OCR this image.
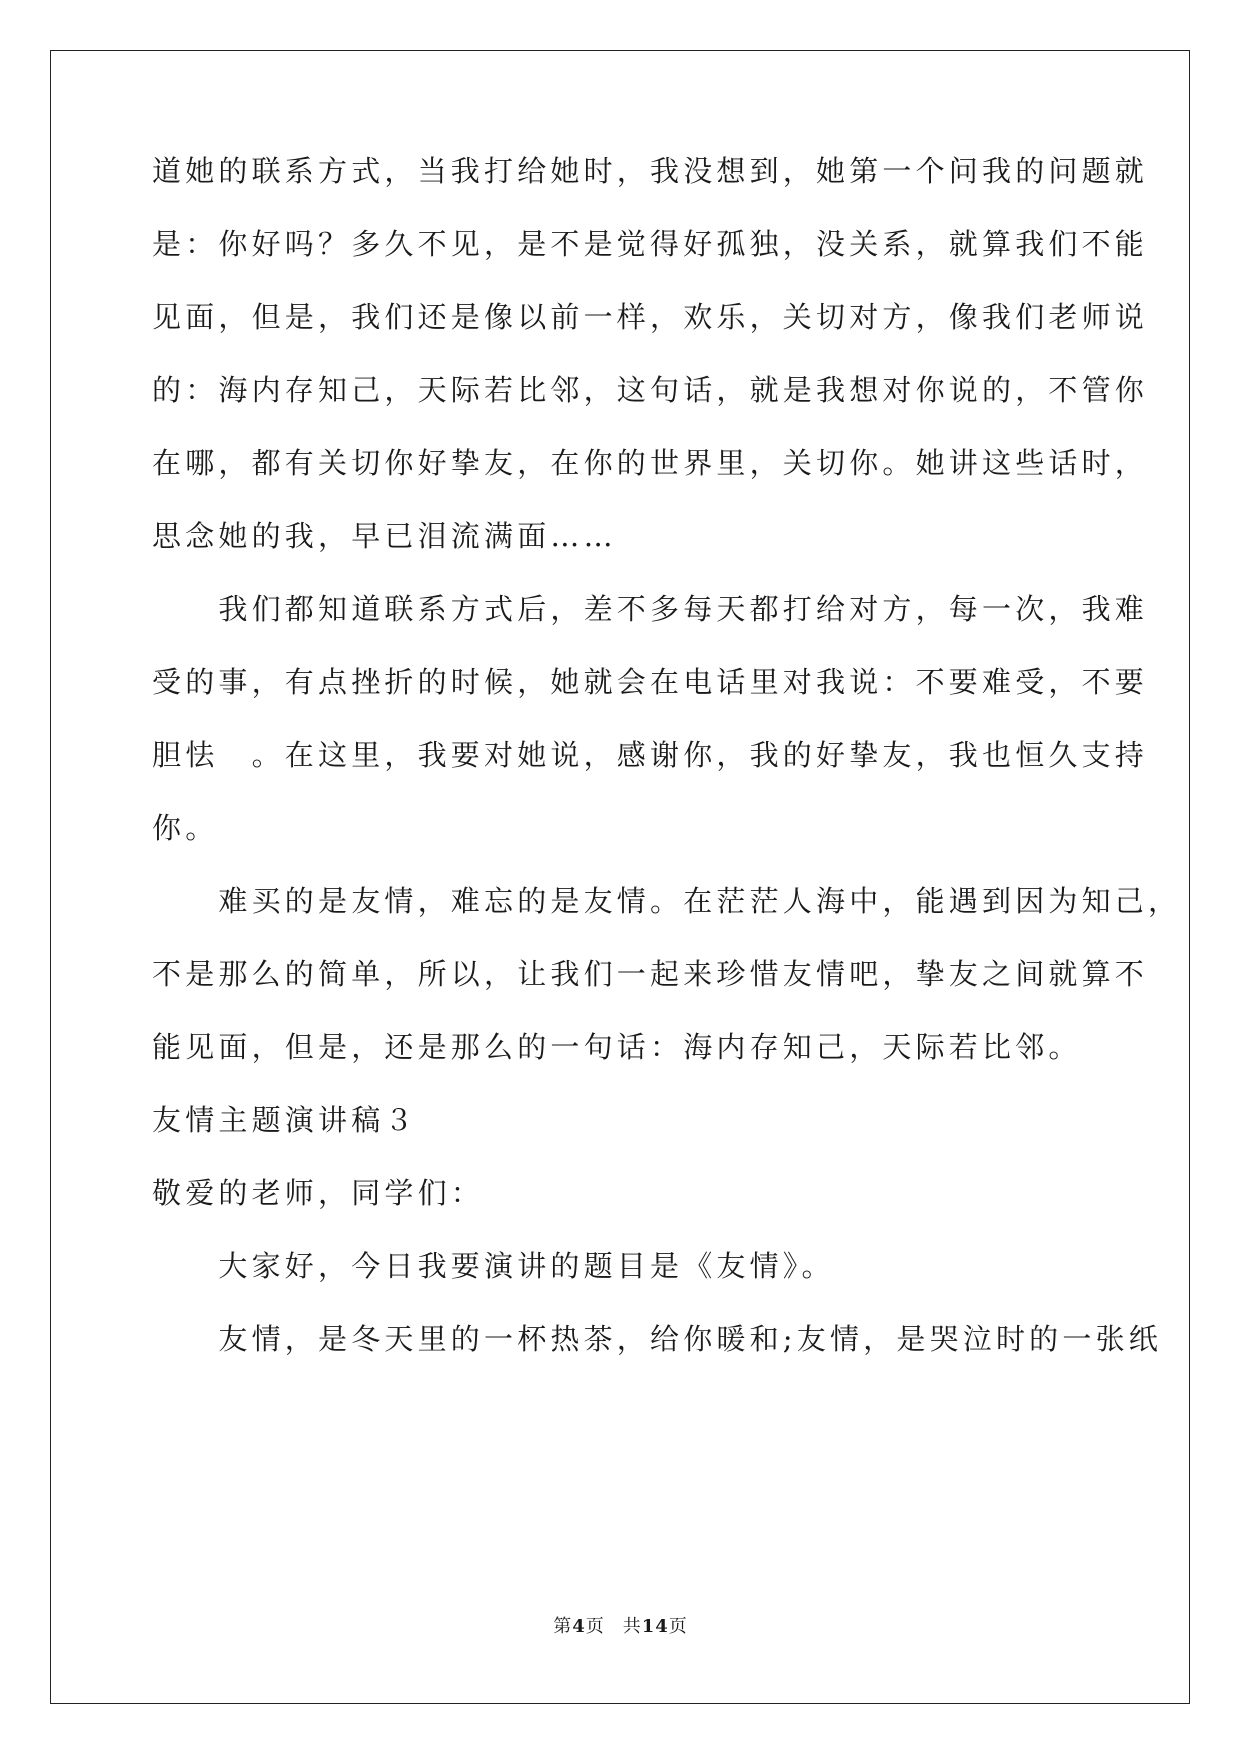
道她的联系方式，当我打给她时，我没想到，她第一个问我的问题就
是：你好吗？多久不见，是不是觉得好孤独，没关系，就算我们不能
见面，但是，我们还是像以前一样，欢乐，关切对方，像我们老师说
的：海内存知己，天际若比邻，这句话，就是我想对你说的，不管你
在哪，都有关切你好挚友，在你的世界里，关切你。她讲这些话时，
思念她的我，早已泪流满面……
　　我们都知道联系方式后，差不多每天都打给对方，每一次，我难
受的事，有点挫折的时候，她就会在电话里对我说：不要难受，不要
胆怯　。在这里，我要对她说，感谢你，我的好挚友，我也恒久支持
你。
　　难买的是友情，难忘的是友情。在茫茫人海中，能遇到因为知己，
不是那么的简单，所以，让我们一起来珍惜友情吧，挚友之间就算不
能见面，但是，还是那么的一句话：海内存知己，天际若比邻。
友情主题演讲稿３
敬爱的老师，同学们：
　　大家好，今日我要演讲的题目是《友情》。
　　友情，是冬天里的一杯热茶，给你暖和;友情，是哭泣时的一张纸
第4页 共14页
